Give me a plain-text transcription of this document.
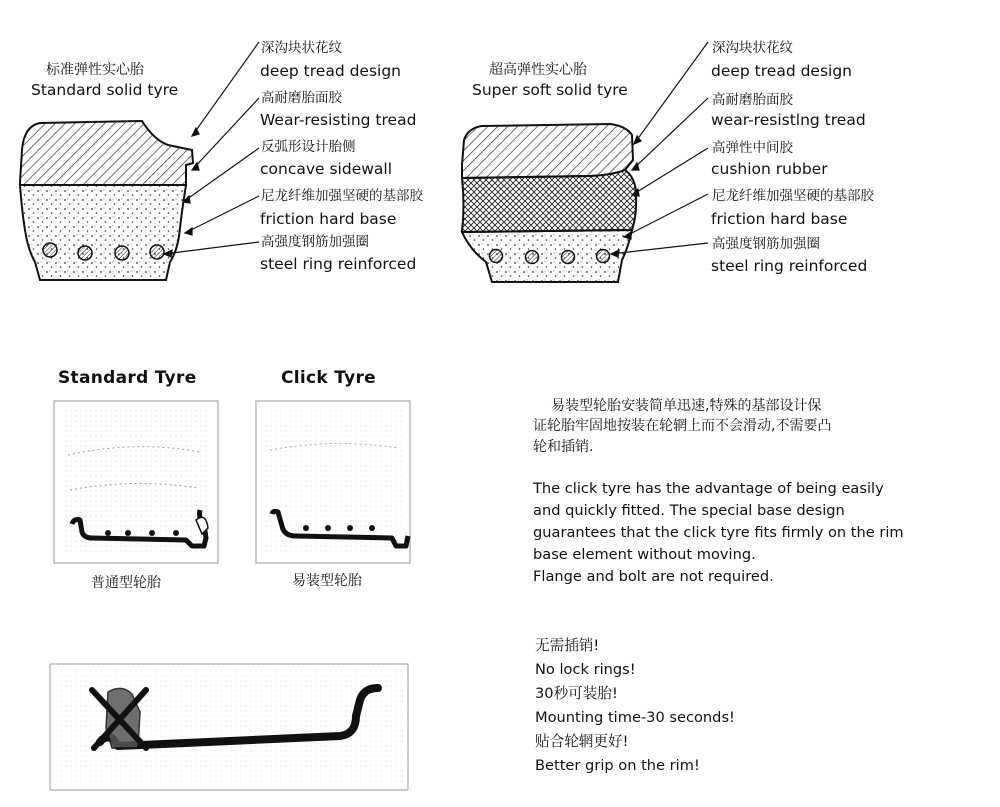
标准弹性实心胎
Standard solid tyre
深沟块状花纹
deep tread design
高耐磨胎面胶
Wear-resisting tread
反弧形设计胎侧
concave sidewall
尼龙纤维加强坚硬的基部胶
friction hard base
高强度钢筋加强圈
steel ring reinforced
超高弹性实心胎
Super soft solid tyre
深沟块状花纹
deep tread design
高耐磨胎面胶
wear-resistlng tread
高弹性中间胶
cushion rubber
尼龙纤维加强坚硬的基部胶
friction hard base
高强度钢筋加强圈
steel ring reinforced
Standard Tyre	Click Tyre
普通型轮胎	易装型轮胎
易装型轮胎安装简单迅速,特殊的基部设计保
证轮胎牢固地按装在轮辋上而不会滑动,不需要凸
轮和插销.
The click tyre has the advantage of being easily
and quickly fitted. The special base design
guarantees that the click tyre fits firmly on the rim
base element without moving.
Flange and bolt are not required.
无需插销!
No lock rings!
30秒可装胎!
Mounting time-30 seconds!
贴合轮辋更好!
Better grip on the rim!
